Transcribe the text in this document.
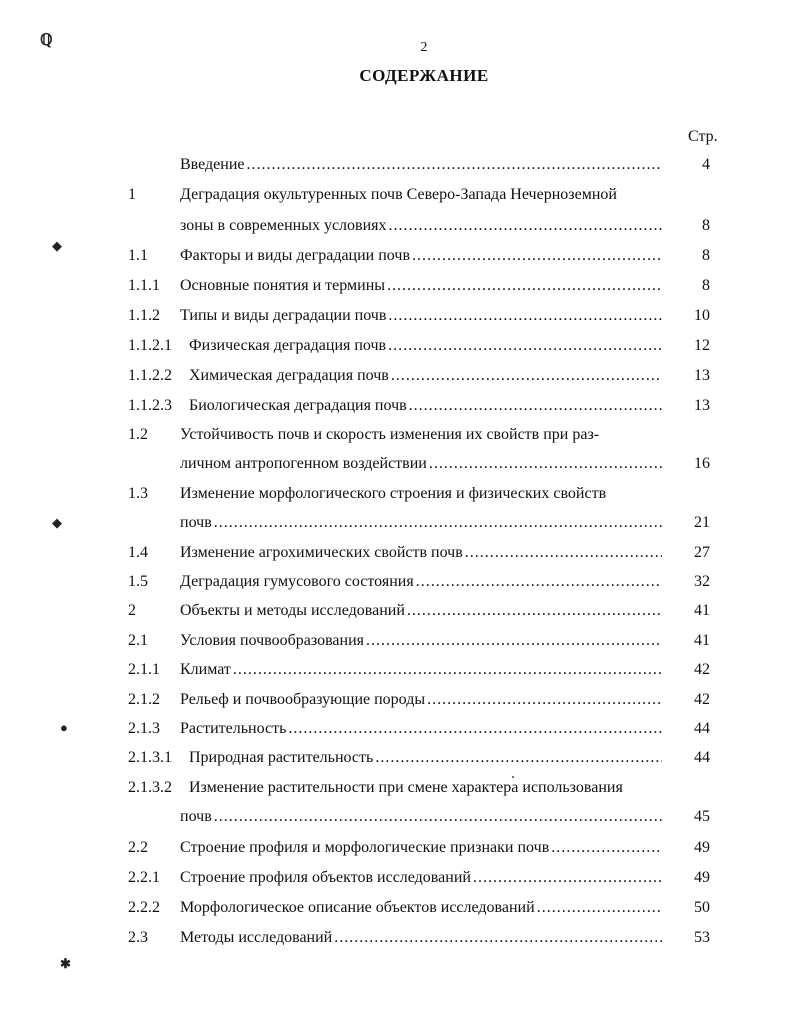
2
СОДЕРЖАНИЕ
Стр.
ℚ
◆
◆
●
✱
Введение .....	4
1	Деградация окультуренных почв Северо-Запада Нечерноземной
зоны в современных условиях .....	8
1.1 Факторы и виды деградации почв .....	8
1.1.1 Основные понятия и термины .....	8
1.1.2 Типы и виды деградации почв .....	10
1.1.2.1 Физическая деградация почв .....	12
1.1.2.2 Химическая деградация почв .....	13
1.1.2.3 Биологическая деградация почв .....	13
1.2 Устойчивость почв и скорость изменения их свойств при раз-
личном антропогенном воздействии .....	16
1.3 Изменение морфологического строения и физических свойств
почв .....	21
1.4 Изменение агрохимических свойств почв .....	27
1.5 Деградация гумусового состояния .....	32
2	Объекты и методы исследований .....	41
2.1 Условия почвообразования .....	41
2.1.1 Климат .....	42
2.1.2 Рельеф и почвообразующие породы .....	42
2.1.3 Растительность .....	44
2.1.3.1 Природная растительность .....	44
2.1.3.2 Изменение растительности при смене характера использования
почв .....	45
2.2 Строение профиля и морфологические признаки почв .....	49
2.2.1 Строение профиля объектов исследований .....	49
2.2.2 Морфологическое описание объектов исследований .....	50
2.3 Методы исследований .....	53
